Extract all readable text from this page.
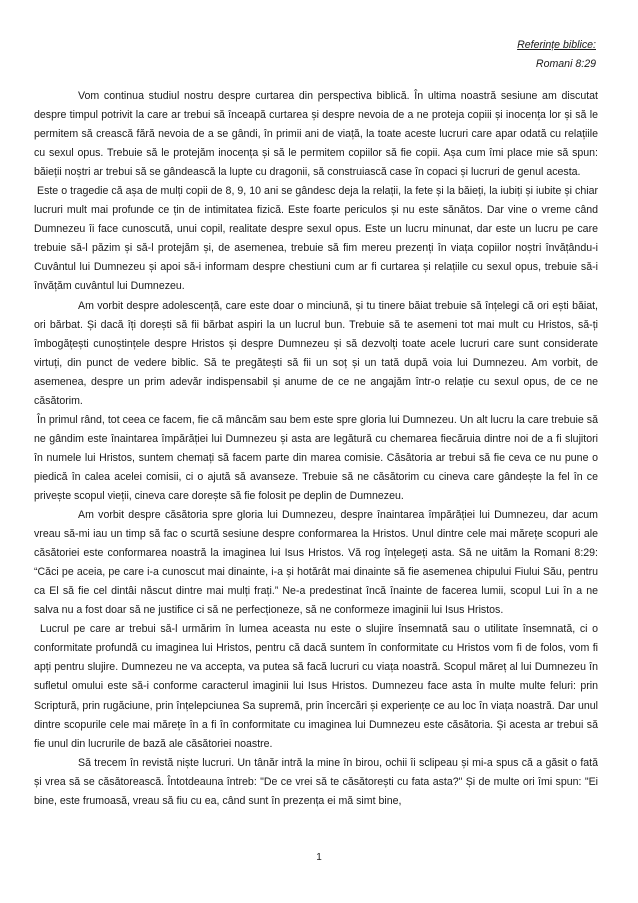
Referințe biblice:
Romani 8:29

Vom continua studiul nostru despre curtarea din perspectiva biblică. În ultima noastră sesiune am discutat despre timpul potrivit la care ar trebui să înceapă curtarea și despre nevoia de a ne proteja copiii și inocența lor și să le permitem să crească fără nevoia de a se gândi, în primii ani de viață, la toate aceste lucruri care apar odată cu relațiile cu sexul opus. Trebuie să le protejăm inocența și să le permitem copiilor să fie copii. Așa cum îmi place mie să spun: băieții noștri ar trebui să se gândească la lupte cu dragonii, să construiască case în copaci și lucruri de genul acesta.

Este o tragedie că așa de mulți copii de 8, 9, 10 ani se gândesc deja la relații, la fete și la băieți, la iubiți și iubite și chiar lucruri mult mai profunde ce țin de intimitatea fizică. Este foarte periculos și nu este sănătos. Dar vine o vreme când Dumnezeu îi face cunoscută, unui copil, realitate despre sexul opus. Este un lucru minunat, dar este un lucru pe care trebuie să-l păzim și să-l protejăm și, de asemenea, trebuie să fim mereu prezenți în viața copiilor noștri învățându-i Cuvântul lui Dumnezeu și apoi să-i informam despre chestiuni cum ar fi curtarea și relațiile cu sexul opus, trebuie să-i învățăm cuvântul lui Dumnezeu.

Am vorbit despre adolescență, care este doar o minciună, și tu tinere băiat trebuie să înțelegi că ori ești băiat, ori bărbat. Și dacă îți dorești să fii bărbat aspiri la un lucrul bun. Trebuie să te asemeni tot mai mult cu Hristos, să-ți îmbogățești cunoștințele despre Hristos și despre Dumnezeu și să dezvolți toate acele lucruri care sunt considerate virtuți, din punct de vedere biblic. Să te pregătești să fii un soț și un tată după voia lui Dumnezeu. Am vorbit, de asemenea, despre un prim adevăr indispensabil și anume de ce ne angajăm într-o relație cu sexul opus, de ce ne căsătorim.

În primul rând, tot ceea ce facem, fie că mâncăm sau bem este spre gloria lui Dumnezeu. Un alt lucru la care trebuie să ne gândim este înaintarea împărăției lui Dumnezeu și asta are legătură cu chemarea fiecăruia dintre noi de a fi slujitori în numele lui Hristos, suntem chemați să facem parte din marea comisie. Căsătoria ar trebui să fie ceva ce nu pune o piedică în calea acelei comisii, ci o ajută să avanseze. Trebuie să ne căsătorim cu cineva care gândește la fel în ce privește scopul vieții, cineva care dorește să fie folosit pe deplin de Dumnezeu.

Am vorbit despre căsătoria spre gloria lui Dumnezeu, despre înaintarea împărăției lui Dumnezeu, dar acum vreau să-mi iau un timp să fac o scurtă sesiune despre conformarea la Hristos. Unul dintre cele mai mărețe scopuri ale căsătoriei este conformarea noastră la imaginea lui Isus Hristos. Vă rog înțelegeți asta. Să ne uităm la Romani 8:29: “Căci pe aceia, pe care i-a cunoscut mai dinainte, i-a și hotărât mai dinainte să fie asemenea chipului Fiului Său, pentru ca El să fie cel dintâi născut dintre mai mulți frați.” Ne-a predestinat încă înainte de facerea lumii, scopul Lui în a ne salva nu a fost doar să ne justifice ci să ne perfecționeze, să ne conformeze imaginii lui Isus Hristos.

Lucrul pe care ar trebui să-l urmărim în lumea aceasta nu este o slujire însemnată sau o utilitate însemnată, ci o conformitate profundă cu imaginea lui Hristos, pentru că dacă suntem în conformitate cu Hristos vom fi de folos, vom fi apți pentru slujire. Dumnezeu ne va accepta, va putea să facă lucruri cu viața noastră. Scopul măreț al lui Dumnezeu în sufletul omului este să-i conforme caracterul imaginii lui Isus Hristos. Dumnezeu face asta în multe multe feluri: prin Scriptură, prin rugăciune, prin înțelepciunea Sa supremă, prin încercări și experiențe ce au loc în viața noastră. Dar unul dintre scopurile cele mai mărețe în a fi în conformitate cu imaginea lui Dumnezeu este căsătoria. Și acesta ar trebui să fie unul din lucrurile de bază ale căsătoriei noastre.

Să trecem în revistă niște lucruri. Un tânăr intră la mine în birou, ochii îi sclipeau și mi-a spus că a găsit o fată și vrea să se căsătorească. Întotdeauna întreb: "De ce vrei să te căsătorești cu fata asta?" Și de multe ori îmi spun: "Ei bine, este frumoasă, vreau să fiu cu ea, când sunt în prezența ei mă simt bine,

1
